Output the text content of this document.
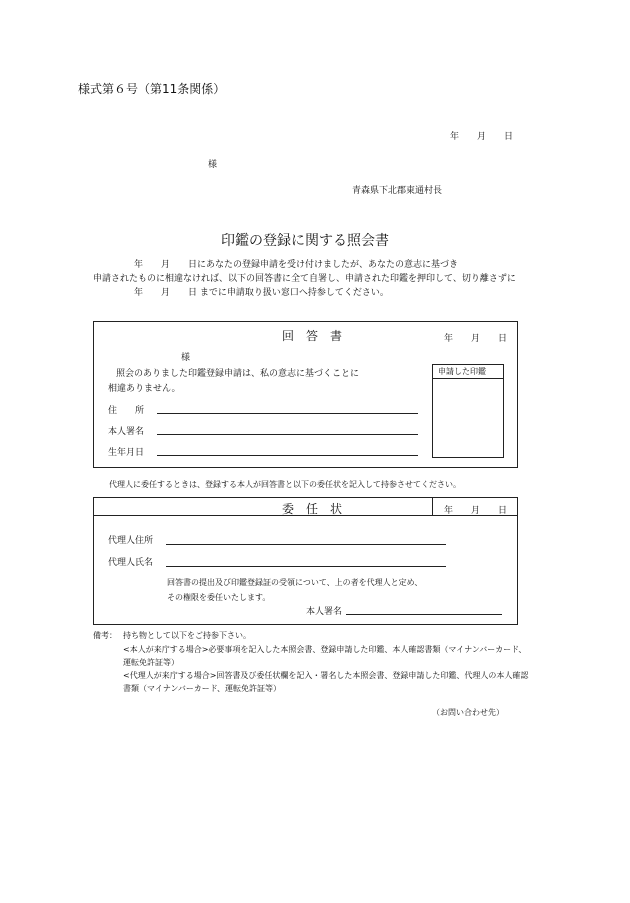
様式第６号（第11条関係）
年　　月　　日
様
青森県下北郡東通村長
印鑑の登録に関する照会書
年　　月　　日にあなたの登録申請を受け付けましたが、あなたの意志に基づき
申請されたものに相違なければ、以下の回答書に全て自署し、申請された印鑑を押印して、切り離さずに
年　　月　　日 までに申請取り扱い窓口へ持参してください。
回　答　書	年　　月　　日
様
照会のありました印鑑登録申請は、私の意志に基づくことに
相違ありません。
住　　所
本人署名
生年月日
申請した印鑑
代理人に委任するときは、登録する本人が回答書と以下の委任状を記入して持参させてください。
委　任　状	年　　月　　日
代理人住所
代理人氏名
回答書の提出及び印鑑登録証の受領について、上の者を代理人と定め、
その権限を委任いたします。
本人署名
備考： 持ち物として以下をご持参下さい。
<本人が来庁する場合>必要事項を記入した本照会書、登録申請した印鑑、本人確認書類（マイナンバーカード、
運転免許証等）
<代理人が来庁する場合>回答書及び委任状欄を記入・署名した本照会書、登録申請した印鑑、代理人の本人確認
書類（マイナンバーカード、運転免許証等）
（お問い合わせ先）
